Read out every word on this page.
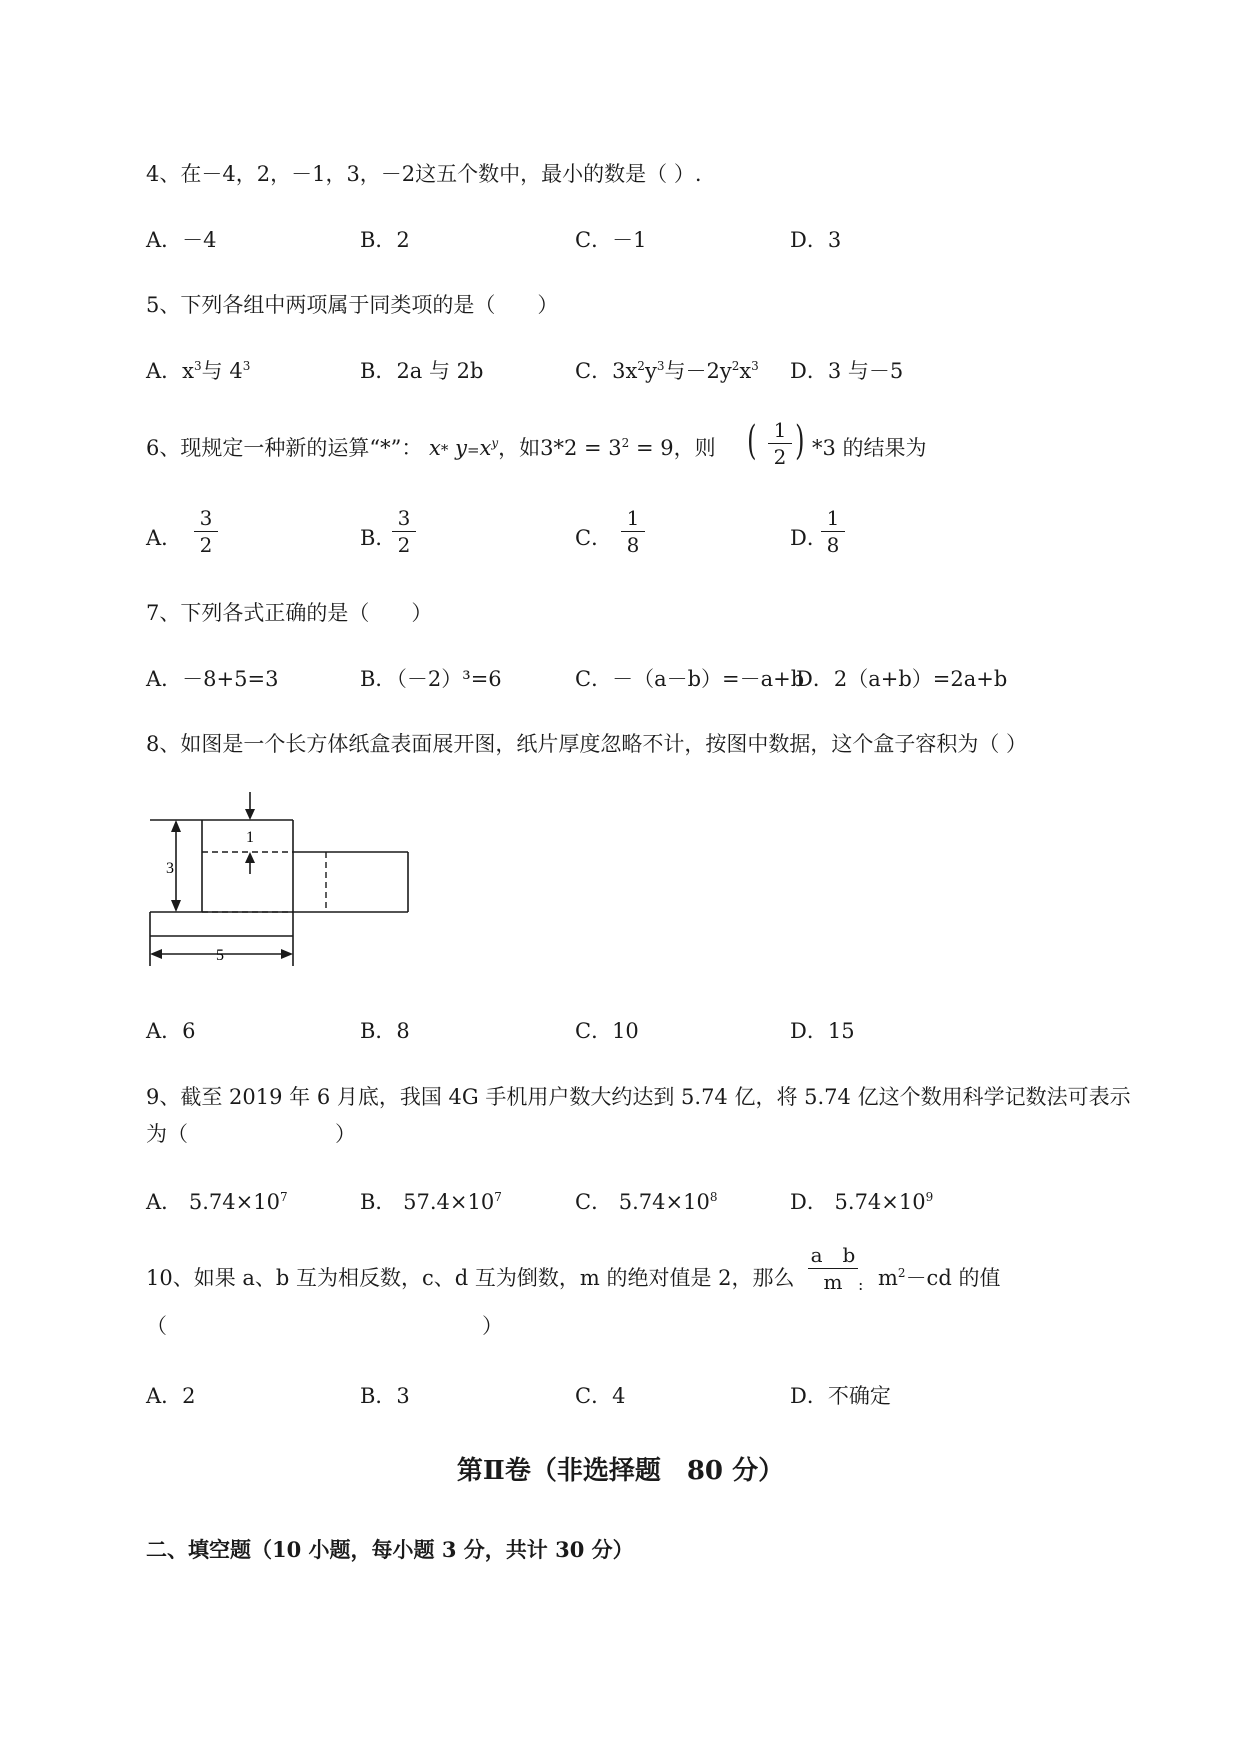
4、在－4，2，－1，3，－2这五个数中，最小的数是（ ）.
A．－4	B．2	C．－1	D．3
5、下列各组中两项属于同类项的是（　　）
A．$x^3$与 $4^3$	B．2a 与 2b	C．$3x^2y^3$与$-2y^2x^3$ D．3 与－5
6、现规定一种新的运算“*”： x* $y=x^y$，如$3*2 = 3^2 = 9$，则 ( 1
2 ) *3 的结果为
A．
3
2	B．
3
2	C．
1
8	D．
1
8
7、下列各式正确的是（　　）
A．－8+5=3	B．（－2）³=6	C．－（a－b）=－a+b
D．2（a+b）=2a+b
8、如图是一个长方体纸盒表面展开图，纸片厚度忽略不计，按图中数据，这个盒子容积为（ ）
1
3
5
A．6	B．8	C．10	D．15
9、截至 2019 年 6 月底，我国 4G 手机用户数大约达到 5.74 亿，将 5.74 亿这个数用科学记数法可表示
为（　　　　　　　）
A． $5.74\times 10^7$	B． $57.4\times 10^7$	C． $5.74\times 10^8$	D． $5.74\times 10^9$
10、如果 a、b 互为相反数，c、d 互为倒数，m 的绝对值是 2，那么
a　b
m : $m^2-cd$ 的值
（　　　　　　　　　　　　　　　）
A．2	B．3	C．4	D．不确定
第Ⅱ卷（非选择题　80 分）
二、填空题（10 小题，每小题 3 分，共计 30 分）
